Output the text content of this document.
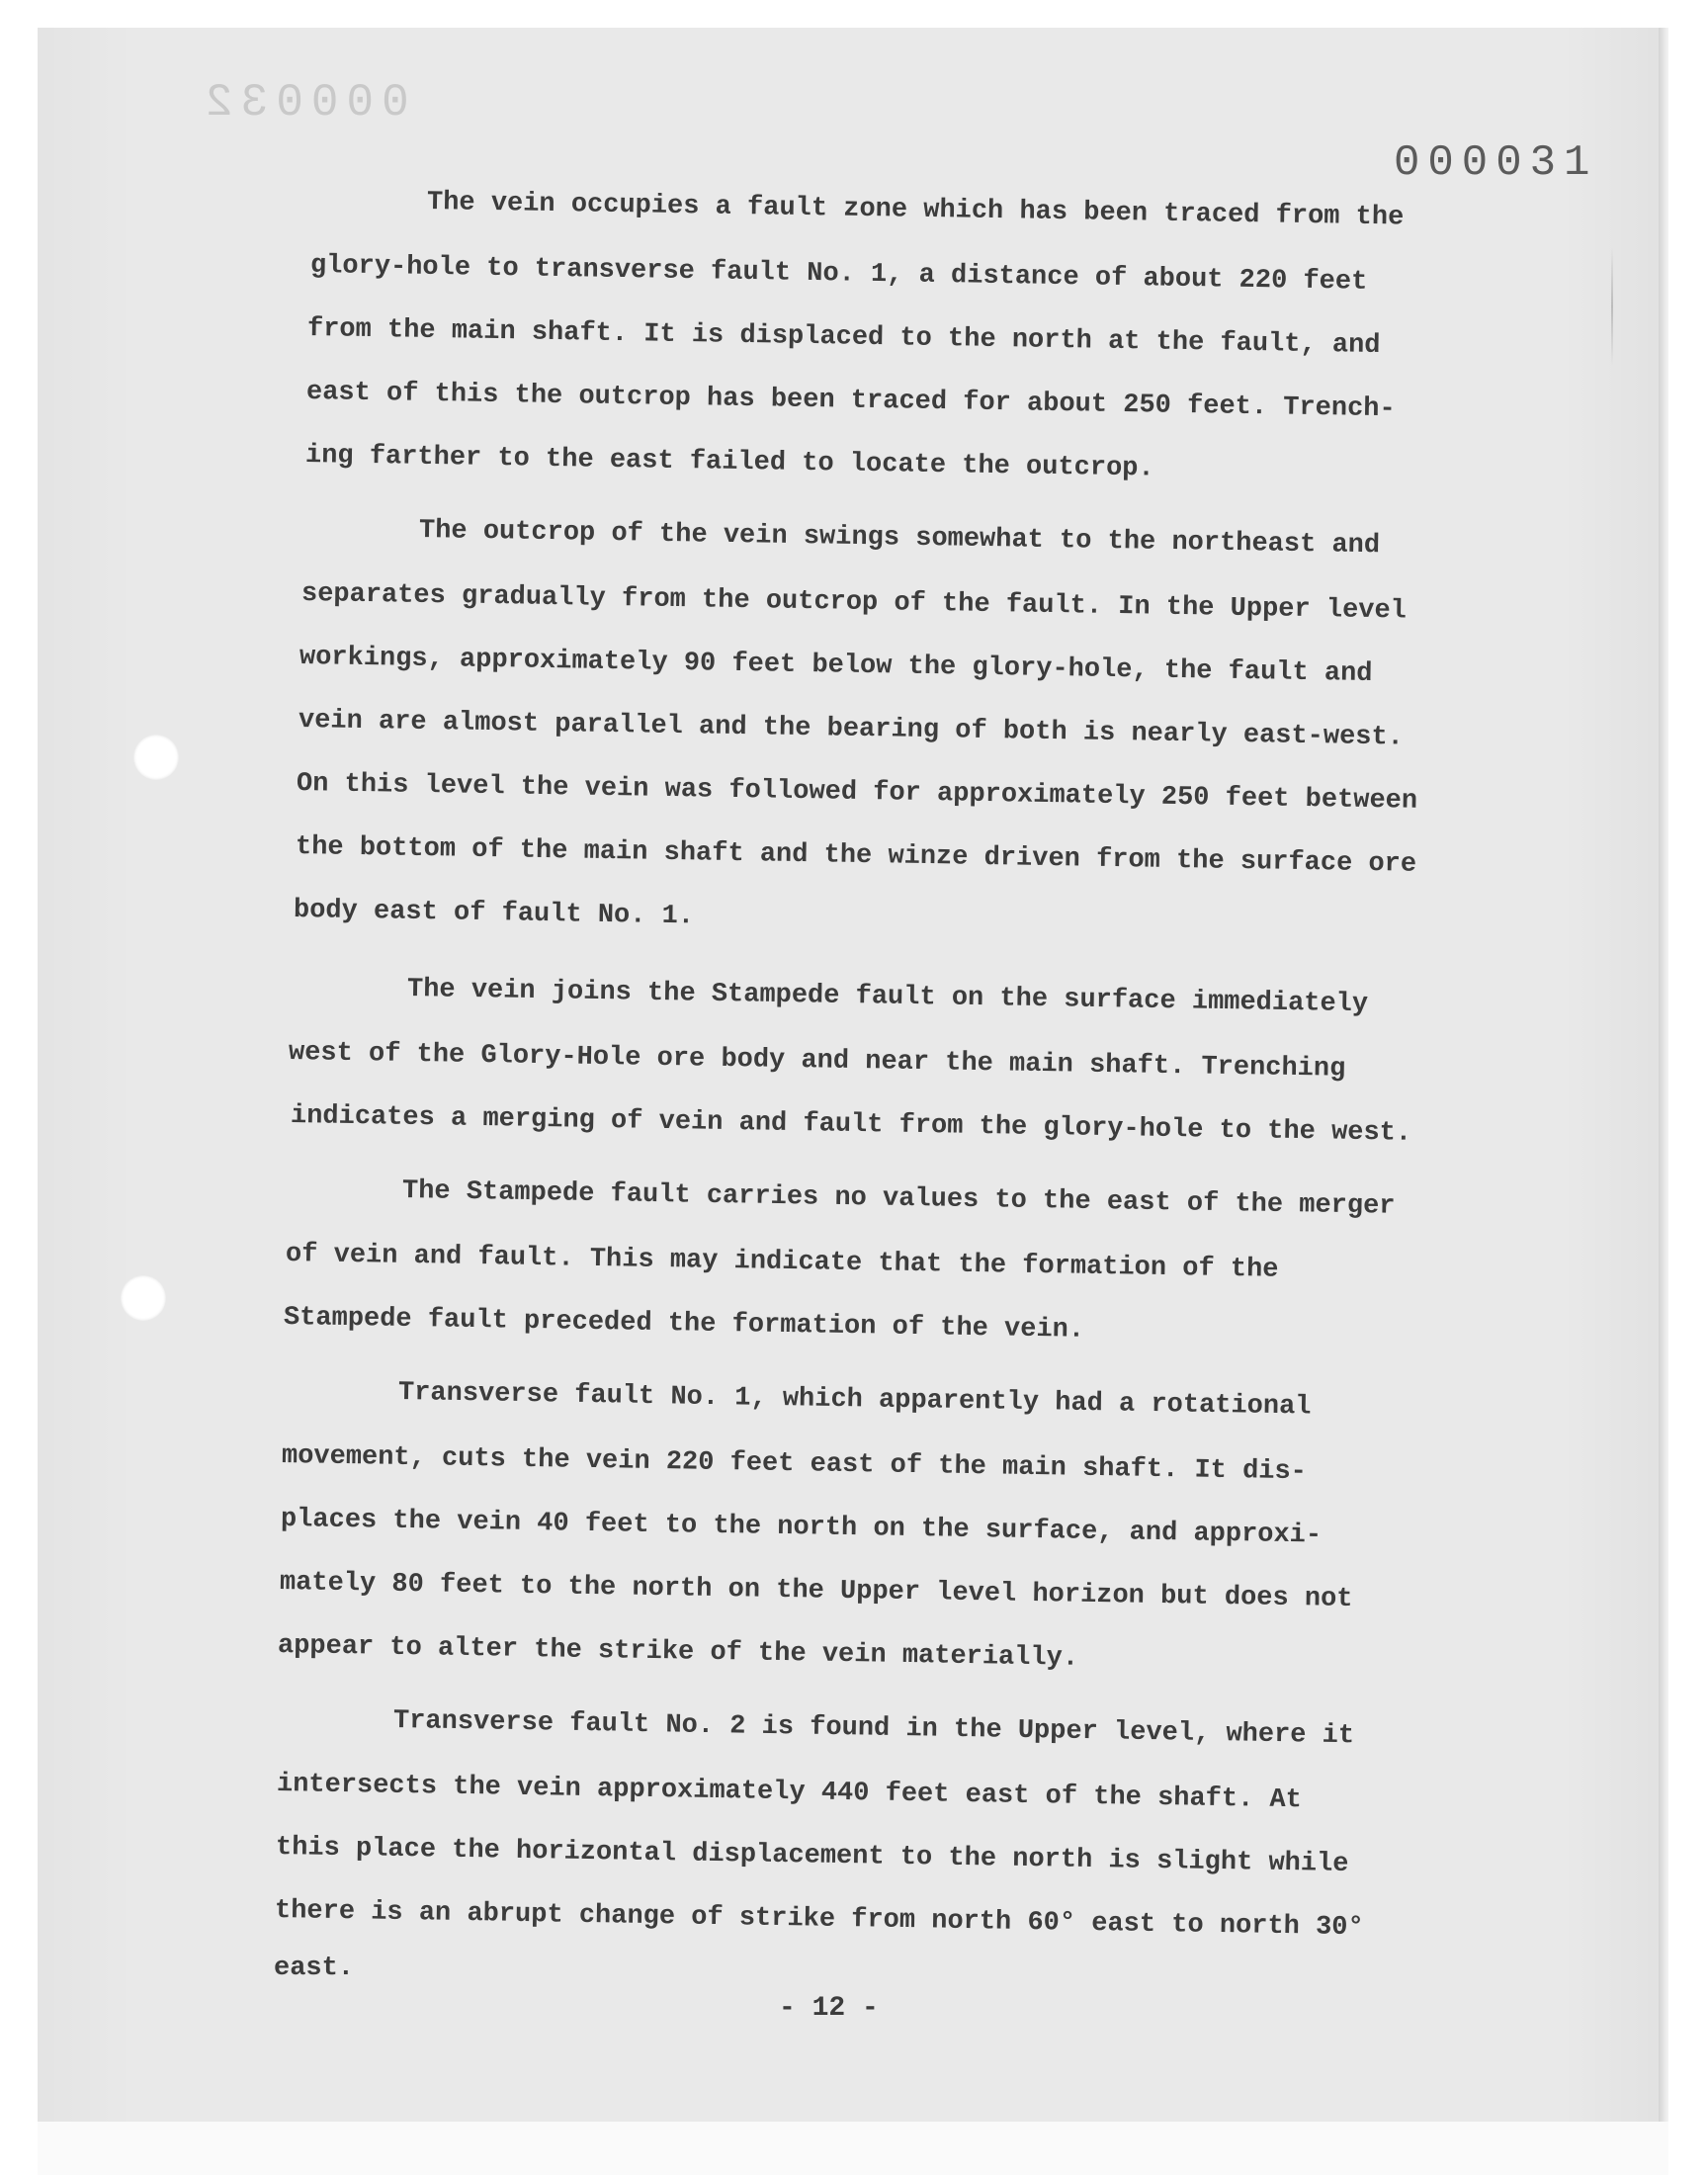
000032
000031
The vein occupies a fault zone which has been traced from the
glory-hole to transverse fault No. 1, a distance of about 220 feet
from the main shaft. It is displaced to the north at the fault, and
east of this the outcrop has been traced for about 250 feet. Trench-
ing farther to the east failed to locate the outcrop.
The outcrop of the vein swings somewhat to the northeast and
separates gradually from the outcrop of the fault. In the Upper level
workings, approximately 90 feet below the glory-hole, the fault and
vein are almost parallel and the bearing of both is nearly east-west.
On this level the vein was followed for approximately 250 feet between
the bottom of the main shaft and the winze driven from the surface ore
body east of fault No. 1.
The vein joins the Stampede fault on the surface immediately
west of the Glory-Hole ore body and near the main shaft. Trenching
indicates a merging of vein and fault from the glory-hole to the west.
The Stampede fault carries no values to the east of the merger
of vein and fault. This may indicate that the formation of the
Stampede fault preceded the formation of the vein.
Transverse fault No. 1, which apparently had a rotational
movement, cuts the vein 220 feet east of the main shaft. It dis-
places the vein 40 feet to the north on the surface, and approxi-
mately 80 feet to the north on the Upper level horizon but does not
appear to alter the strike of the vein materially.
Transverse fault No. 2 is found in the Upper level, where it
intersects the vein approximately 440 feet east of the shaft. At
this place the horizontal displacement to the north is slight while
there is an abrupt change of strike from north 60° east to north 30°
east.
- 12 -
